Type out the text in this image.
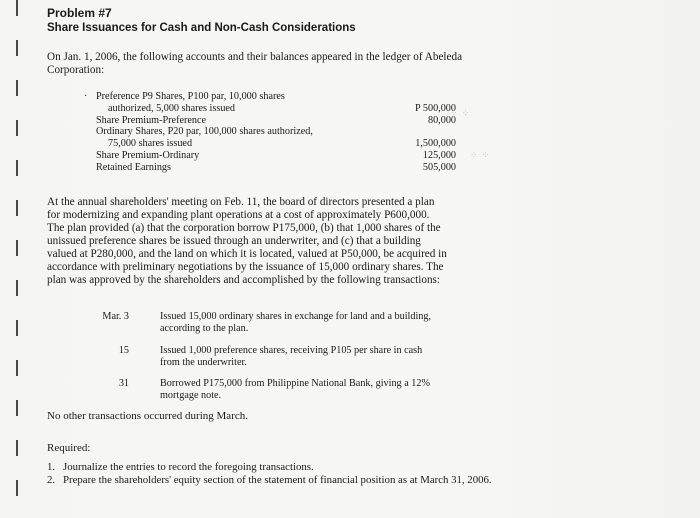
Problem #7
Share Issuances for Cash and Non-Cash Considerations
On Jan. 1, 2006, the following accounts and their balances appeared in the ledger of Abeleda Corporation:
· Preference P9 Shares, P100 par, 10,000 shares
authorized, 5,000 shares issued	P 500,000
Share Premium-Preference	80,000
Ordinary Shares, P20 par, 100,000 shares authorized,
75,000 shares issued	1,500,000
Share Premium-Ordinary	125,000
Retained Earnings	505,000
⁘ ⁘
⁘ ⁘
At the annual shareholders' meeting on Feb. 11, the board of directors presented a plan
for modernizing and expanding plant operations at a cost of approximately P600,000.
The plan provided (a) that the corporation borrow P175,000, (b) that 1,000 shares of the
unissued preference shares be issued through an underwriter, and (c) that a building
valued at P280,000, and the land on which it is located, valued at P50,000, be acquired in
accordance with preliminary negotiations by the issuance of 15,000 ordinary shares. The
plan was approved by the shareholders and accomplished by the following transactions:
Mar. 3	Issued 15,000 ordinary shares in exchange for land and a building,
according to the plan.
15	Issued 1,000 preference shares, receiving P105 per share in cash
from the underwriter.
31	Borrowed P175,000 from Philippine National Bank, giving a 12%
mortgage note.
No other transactions occurred during March.
Required:
1. Journalize the entries to record the foregoing transactions.
2. Prepare the shareholders' equity section of the statement of financial position as at March 31, 2006.
